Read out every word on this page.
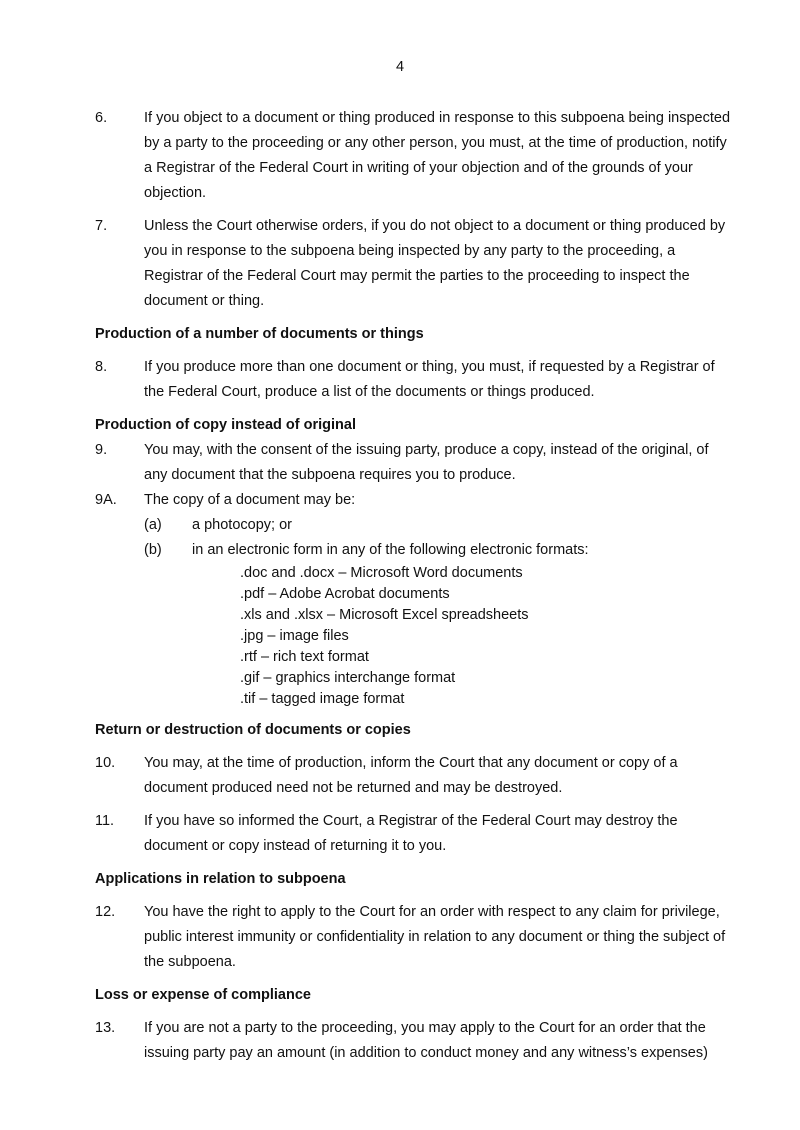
4
6.	If you object to a document or thing produced in response to this subpoena being inspected by a party to the proceeding or any other person, you must, at the time of production, notify a Registrar of the Federal Court in writing of your objection and of the grounds of your objection.
7.	Unless the Court otherwise orders, if you do not object to a document or thing produced by you in response to the subpoena being inspected by any party to the proceeding, a Registrar of the Federal Court may permit the parties to the proceeding to inspect the document or thing.
Production of a number of documents or things
8.	If you produce more than one document or thing, you must, if requested by a Registrar of the Federal Court, produce a list of the documents or things produced.
Production of copy instead of original
9.	You may, with the consent of the issuing party, produce a copy, instead of the original, of any document that the subpoena requires you to produce.
9A.	The copy of a document may be:
(a)	a photocopy; or
(b)	in an electronic form in any of the following electronic formats:
.doc and .docx – Microsoft Word documents
.pdf – Adobe Acrobat documents
.xls and .xlsx – Microsoft Excel spreadsheets
.jpg – image files
.rtf – rich text format
.gif – graphics interchange format
.tif – tagged image format
Return or destruction of documents or copies
10.	You may, at the time of production, inform the Court that any document or copy of a document produced need not be returned and may be destroyed.
11.	If you have so informed the Court, a Registrar of the Federal Court may destroy the document or copy instead of returning it to you.
Applications in relation to subpoena
12.	You have the right to apply to the Court for an order with respect to any claim for privilege, public interest immunity or confidentiality in relation to any document or thing the subject of the subpoena.
Loss or expense of compliance
13.	If you are not a party to the proceeding, you may apply to the Court for an order that the issuing party pay an amount (in addition to conduct money and any witness’s expenses)
